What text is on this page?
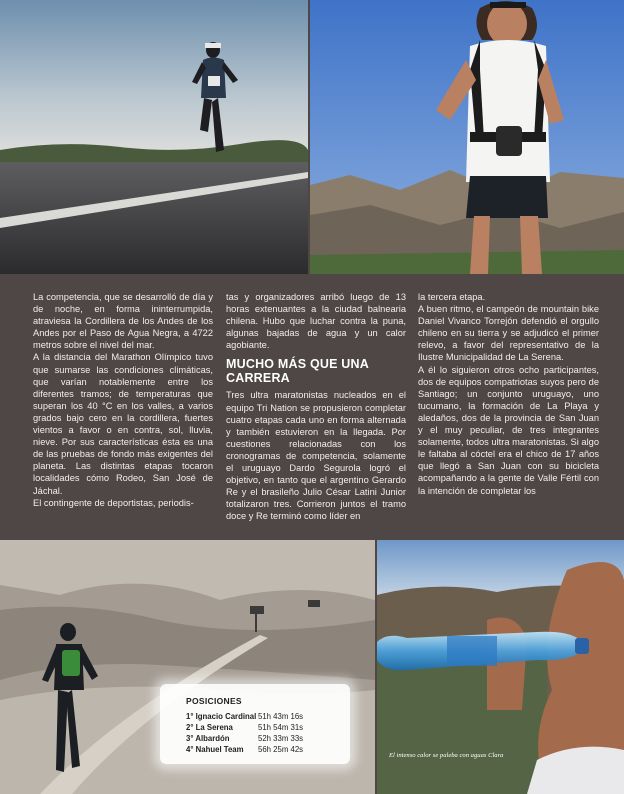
La competencia, que se desarrolló de día y de noche, en forma ininterrumpida, atraviesa la Cordillera de los Andes de los Andes por el Paso de Agua Negra, a 4722 metros sobre el nivel del mar.

A la distancia del Marathon Olímpico tuvo que sumarse las condiciones climáticas, que varían notablemente entre los diferentes tramos; de temperaturas que superan los 40 °C en los valles, a varios grados bajo cero en la cordillera, fuertes vientos a favor o en contra, sol, lluvia, nieve. Por sus características ésta es una de las pruebas de fondo más exigentes del planeta. Las distintas etapas tocaron localidades cómo Rodeo, San José de Jáchal.

El contingente de deportistas, periodis-

tas y organizadores arribó luego de 13 horas extenuantes a la ciudad balnearia chilena. Hubo que luchar contra la puna, algunas bajadas de agua y un calor agobiante.

MUCHO MÁS QUE UNA CARRERA

Tres ultra maratonistas nucleados en el equipo Tri Nation se propusieron completar cuatro etapas cada uno en forma alternada y también estuvieron en la llegada. Por cuestiones relacionadas con los cronogramas de competencia, solamente el uruguayo Dardo Segurola logró el objetivo, en tanto que el argentino Gerardo Re y el brasileño Julio César Latini Junior totalizaron tres. Corrieron juntos el tramo doce y Re terminó como líder en

la tercera etapa.

A buen ritmo, el campeón de mountain bike Daniel Vivanco Torrejón defendió el orgullo chileno en su tierra y se adjudicó el primer relevo, a favor del representativo de la Ilustre Municipalidad de La Serena.

A él lo siguieron otros ocho participantes, dos de equipos compatriotas suyos pero de Santiago; un conjunto uruguayo, uno tucumano, la formación de La Playa y aledaños, dos de la provincia de San Juan y el muy peculiar, de tres integrantes solamente, todos ultra maratonistas. Si algo le faltaba al cóctel era el chico de 17 años que llegó a San Juan con su bicicleta acompañando a la gente de Valle Fértil con la intención de completar los

POSICIONES
1° Ignacio Cardinal 51h 43m 16s
2° La Serena	51h 54m 31s
3° Albardón	52h 33m 33s
4° Nahuel Team 56h 25m 42s
El intenso calor se paleba con aguas Clara
